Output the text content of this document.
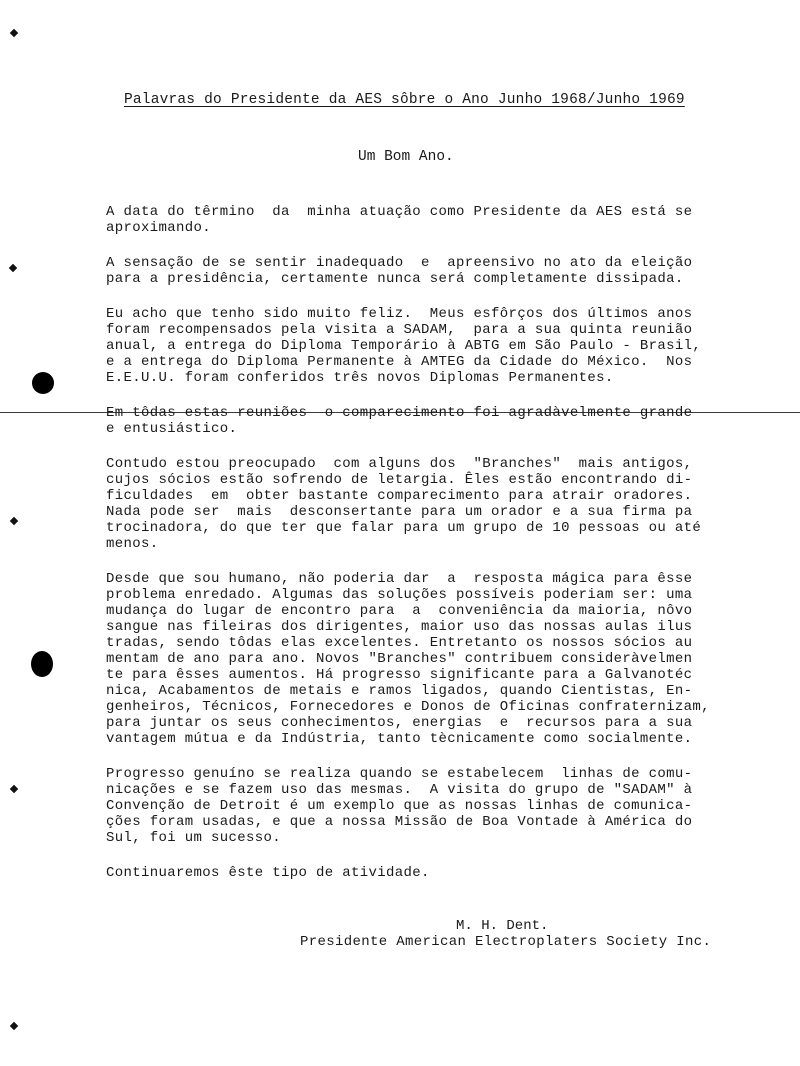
Palavras do Presidente da AES sôbre o Ano Junho 1968/Junho 1969
Um Bom Ano.
A data do têrmino  da  minha atuação como Presidente da AES está se
aproximando.
A sensação de se sentir inadequado  e  apreensivo no ato da eleição
para a presidência, certamente nunca será completamente dissipada.
Eu acho que tenho sido muito feliz.  Meus esfôrços dos últimos anos
foram recompensados pela visita a SADAM,  para a sua quinta reunião
anual, a entrega do Diploma Temporário à ABTG em São Paulo - Brasil,
e a entrega do Diploma Permanente à AMTEG da Cidade do México.  Nos
E.E.U.U. foram conferidos três novos Diplomas Permanentes.
Em tôdas estas reuniões  o comparecimento foi agradàvelmente grande
e entusiástico.
Contudo estou preocupado  com alguns dos  "Branches"  mais antigos,
cujos sócios estão sofrendo de letargia. Êles estão encontrando di-
ficuldades  em  obter bastante comparecimento para atrair oradores.
Nada pode ser  mais  desconsertante para um orador e a sua firma pa
trocinadora, do que ter que falar para um grupo de 10 pessoas ou até
menos.
Desde que sou humano, não poderia dar  a  resposta mágica para êsse
problema enredado. Algumas das soluções possíveis poderiam ser: uma
mudança do lugar de encontro para  a  conveniência da maioria, nôvo
sangue nas fileiras dos dirigentes, maior uso das nossas aulas ilus
tradas, sendo tôdas elas excelentes. Entretanto os nossos sócios au
mentam de ano para ano. Novos "Branches" contribuem consideràvelmen
te para êsses aumentos. Há progresso significante para a Galvanotéc
nica, Acabamentos de metais e ramos ligados, quando Cientistas, En-
genheiros, Técnicos, Fornecedores e Donos de Oficinas confraternizam,
para juntar os seus conhecimentos, energias  e  recursos para a sua
vantagem mútua e da Indústria, tanto tècnicamente como socialmente.
Progresso genuíno se realiza quando se estabelecem  linhas de comu-
nicações e se fazem uso das mesmas.  A visita do grupo de "SADAM" à
Convenção de Detroit é um exemplo que as nossas linhas de comunica-
ções foram usadas, e que a nossa Missão de Boa Vontade à América do
Sul, foi um sucesso.
Continuaremos êste tipo de atividade.
M. H. Dent.
Presidente American Electroplaters Society Inc.
